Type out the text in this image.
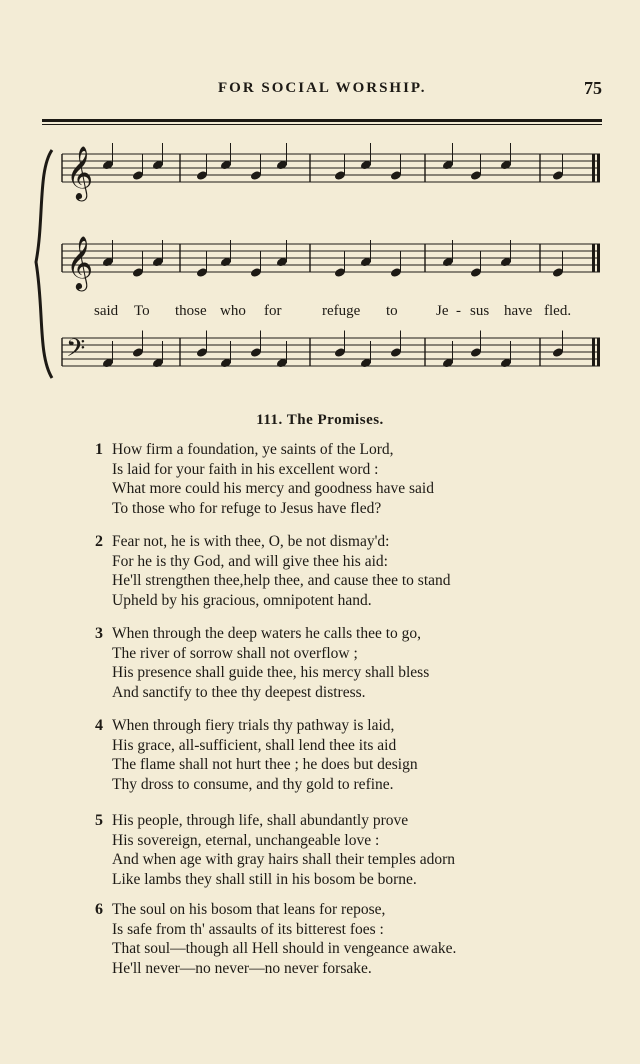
FOR SOCIAL WORSHIP.	75
𝄞
𝄞
𝄢
said To those who for	refuge to	Je - sus have fled.
111. The Promises.
1 How firm a foundation, ye saints of the Lord,
Is laid for your faith in his excellent word :
What more could his mercy and goodness have said
To those who for refuge to Jesus have fled?
2 Fear not, he is with thee, O, be not dismay'd:
For he is thy God, and will give thee his aid:
He'll strengthen thee,help thee, and cause thee to stand
Upheld by his gracious, omnipotent hand.
3 When through the deep waters he calls thee to go,
The river of sorrow shall not overflow ;
His presence shall guide thee, his mercy shall bless
And sanctify to thee thy deepest distress.
4 When through fiery trials thy pathway is laid,
His grace, all-sufficient, shall lend thee its aid
The flame shall not hurt thee ; he does but design
Thy dross to consume, and thy gold to refine.
5 His people, through life, shall abundantly prove
His sovereign, eternal, unchangeable love :
And when age with gray hairs shall their temples adorn
Like lambs they shall still in his bosom be borne.
6 The soul on his bosom that leans for repose,
Is safe from th' assaults of its bitterest foes :
That soul—though all Hell should in vengeance awake.
He'll never—no never—no never forsake.
